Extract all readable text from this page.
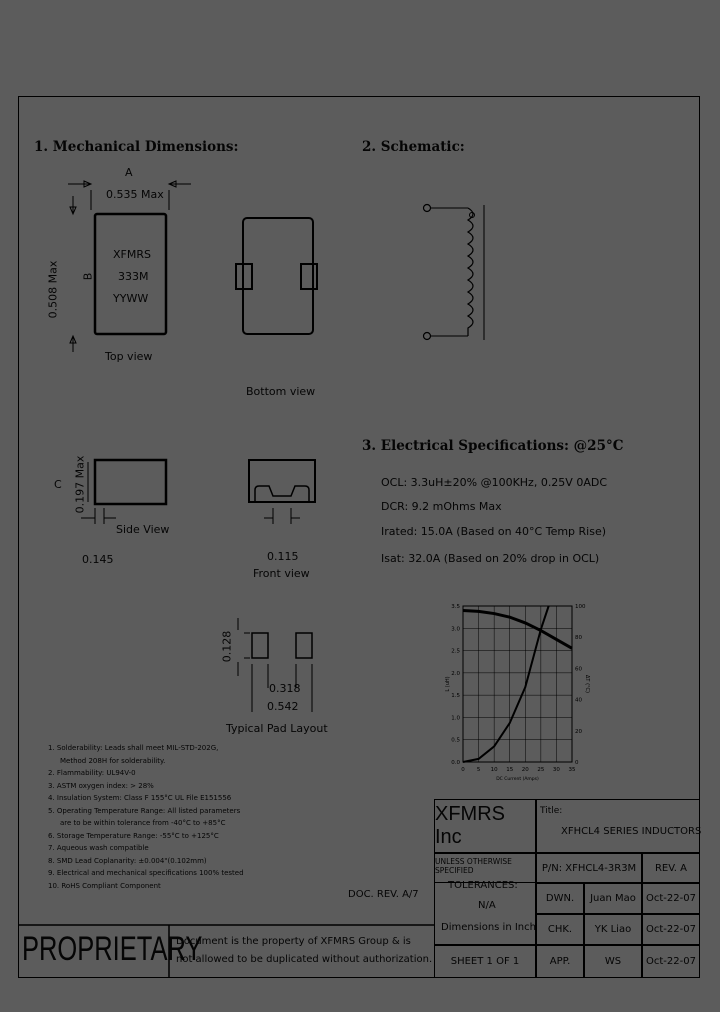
1. Mechanical Dimensions:	2. Schematic:
3. Electrical Specifications: @25°C
A
0.535 Max
0.508 Max B
XFMRS
333M
YYWW
Top view
Bottom view
0.197 Max
C
Side View
0.145	0.115
Front view
0.128
0.318
0.542
Typical Pad Layout
OCL: 3.3uH±20% @100KHz, 0.25V 0ADC
DCR: 9.2 mOhms Max
Irated: 15.0A (Based on 40°C Temp Rise)
Isat: 32.0A (Based on 20% drop in OCL)
0 5 10 15 20 25 30 35
0.0
0.5
1.0
1.5
2.0
2.5
3.0
3.5
0
20
40
60
80
100
DC Current (Amps)
L (uH)	ΔT (°C)
1. Solderability: Leads shall meet MIL-STD-202G,
Method 208H for solderability.
2. Flammability: UL94V-0
3. ASTM oxygen index: > 28%
4. Insulation System: Class F 155°C UL File E151556
5. Operating Temperature Range: All listed parameters
are to be within tolerance from -40°C to +85°C
6. Storage Temperature Range: -55°C to +125°C
7. Aqueous wash compatible
8. SMD Lead Coplanarity: ±0.004"(0.102mm)
9. Electrical and mechanical specifications 100% tested
10. RoHS Compliant Component
DOC. REV. A/7
PROPRIETARY
Document is the property of XFMRS Group & is
not allowed to be duplicated without authorization.
XFMRS Inc
Title:
XFHCL4 SERIES INDUCTORS
UNLESS OTHERWISE SPECIFIED
TOLERANCES:
N/A
Dimensions in Inch
P/N: XFHCL4-3R3M	REV. A
DWN.	Juan Mao	Oct-22-07
CHK.	YK Liao	Oct-22-07
SHEET 1 OF 1	APP.	WS	Oct-22-07
